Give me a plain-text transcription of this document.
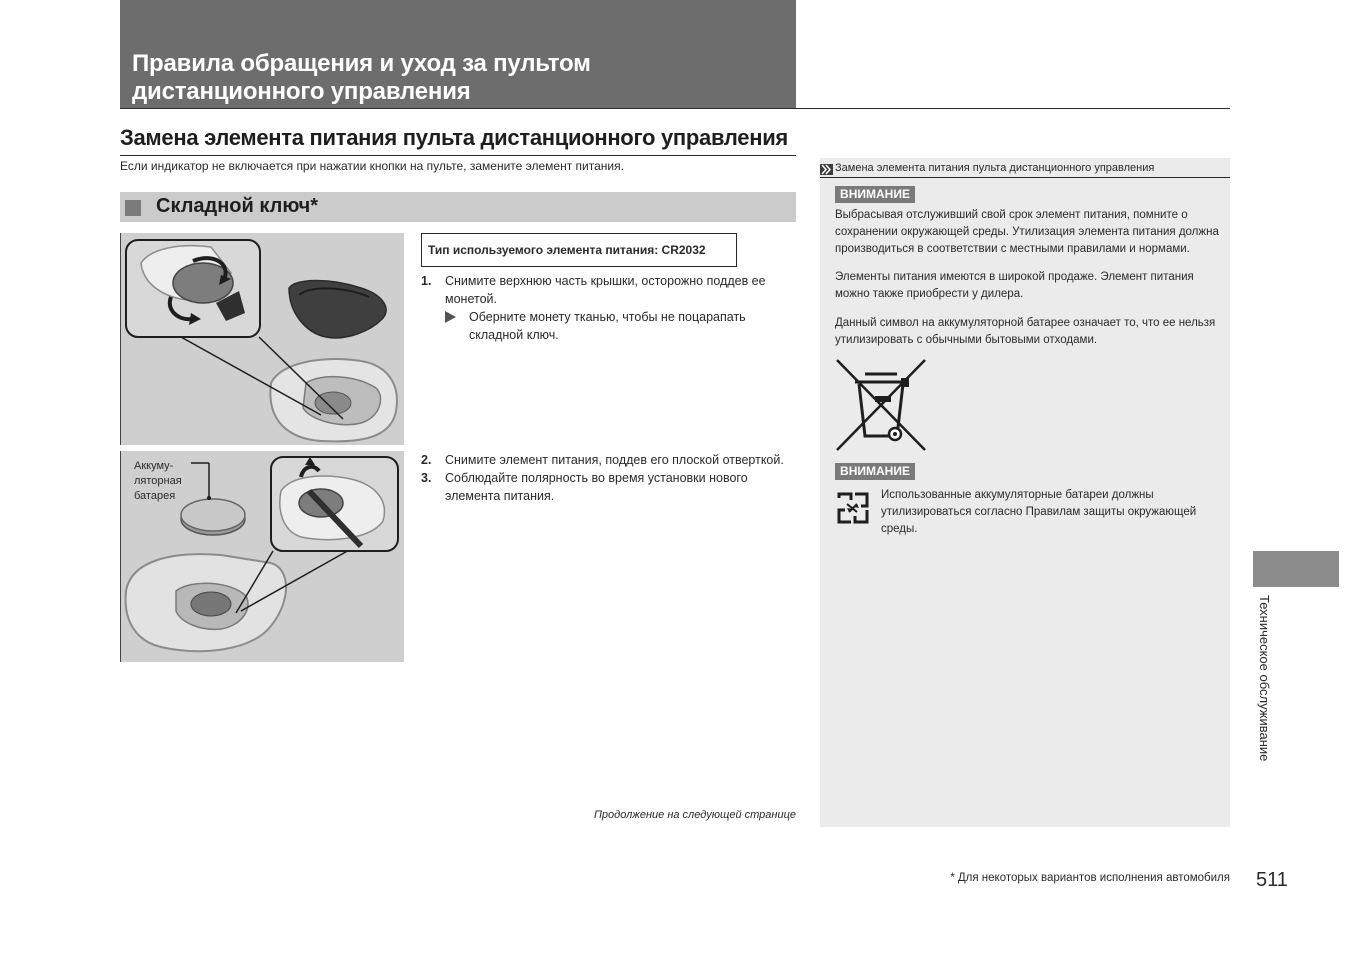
Правила обращения и уход за пультом дистанционного управления
Замена элемента питания пульта дистанционного управления
Если индикатор не включается при нажатии кнопки на пульте, замените элемент питания.
Складной ключ*
Аккуму-
ляторная
батарея
Тип используемого элемента питания: CR2032
1. Снимите верхнюю часть крышки, осторожно поддев ее монетой.
Оберните монету тканью, чтобы не поцарапать складной ключ.
2. Снимите элемент питания, поддев его плоской отверткой.
3. Соблюдайте полярность во время установки нового элемента питания.
Продолжение на следующей странице
Замена элемента питания пульта дистанционного управления
ВНИМАНИЕ
Выбрасывая отслуживший свой срок элемент питания, помните о сохранении окружающей среды. Утилизация элемента питания должна производиться в соответствии с местными правилами и нормами.
Элементы питания имеются в широкой продаже. Элемент питания можно также приобрести у дилера.
Данный символ на аккумуляторной батарее означает то, что ее нельзя утилизировать с обычными бытовыми отходами.
ВНИМАНИЕ
Использованные аккумуляторные батареи должны утилизироваться согласно Правилам защиты окружающей среды.
Техническое обслуживание
* Для некоторых вариантов исполнения автомобиля 511
